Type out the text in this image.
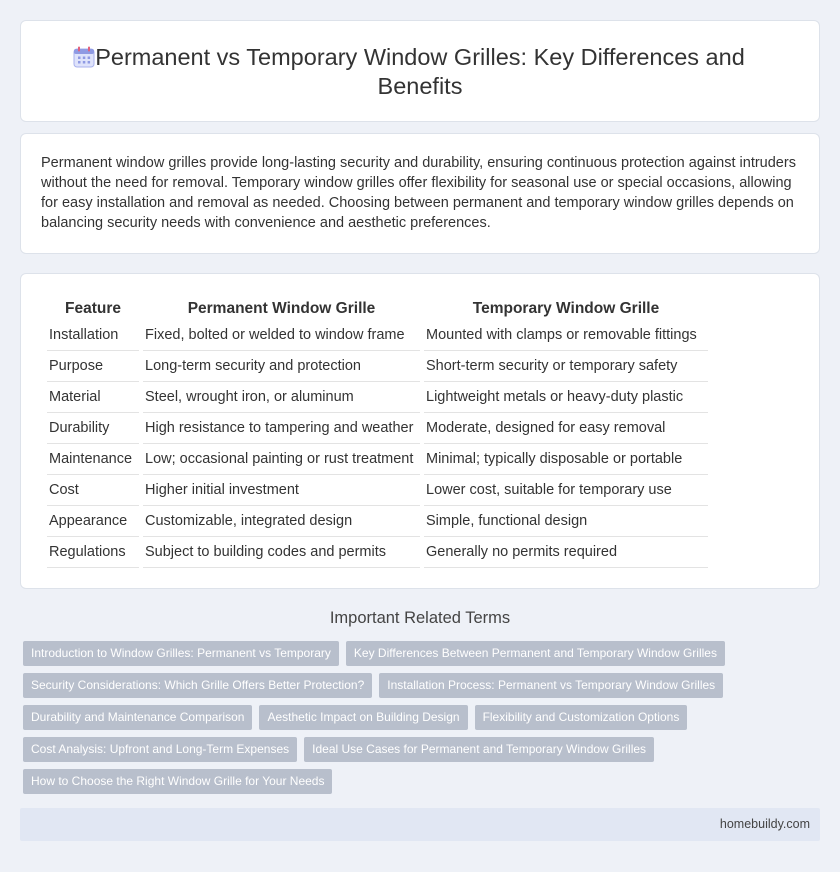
Permanent vs Temporary Window Grilles: Key Differences and Benefits

Permanent window grilles provide long-lasting security and durability, ensuring continuous protection against intruders without the need for removal. Temporary window grilles offer flexibility for seasonal use or special occasions, allowing for easy installation and removal as needed. Choosing between permanent and temporary window grilles depends on balancing security needs with convenience and aesthetic preferences.

Feature	Permanent Window Grille	Temporary Window Grille
Installation	Fixed, bolted or welded to window frame	Mounted with clamps or removable fittings
Purpose	Long-term security and protection	Short-term security or temporary safety
Material	Steel, wrought iron, or aluminum	Lightweight metals or heavy-duty plastic
Durability	High resistance to tampering and weather	Moderate, designed for easy removal
Maintenance	Low; occasional painting or rust treatment	Minimal; typically disposable or portable
Cost	Higher initial investment	Lower cost, suitable for temporary use
Appearance	Customizable, integrated design	Simple, functional design
Regulations	Subject to building codes and permits	Generally no permits required
Important Related Terms
Introduction to Window Grilles: Permanent vs Temporary	Key Differences Between Permanent and Temporary Window Grilles
Security Considerations: Which Grille Offers Better Protection?	Installation Process: Permanent vs Temporary Window Grilles
Durability and Maintenance Comparison	Aesthetic Impact on Building Design	Flexibility and Customization Options
Cost Analysis: Upfront and Long-Term Expenses	Ideal Use Cases for Permanent and Temporary Window Grilles
How to Choose the Right Window Grille for Your Needs
homebuildy.com
